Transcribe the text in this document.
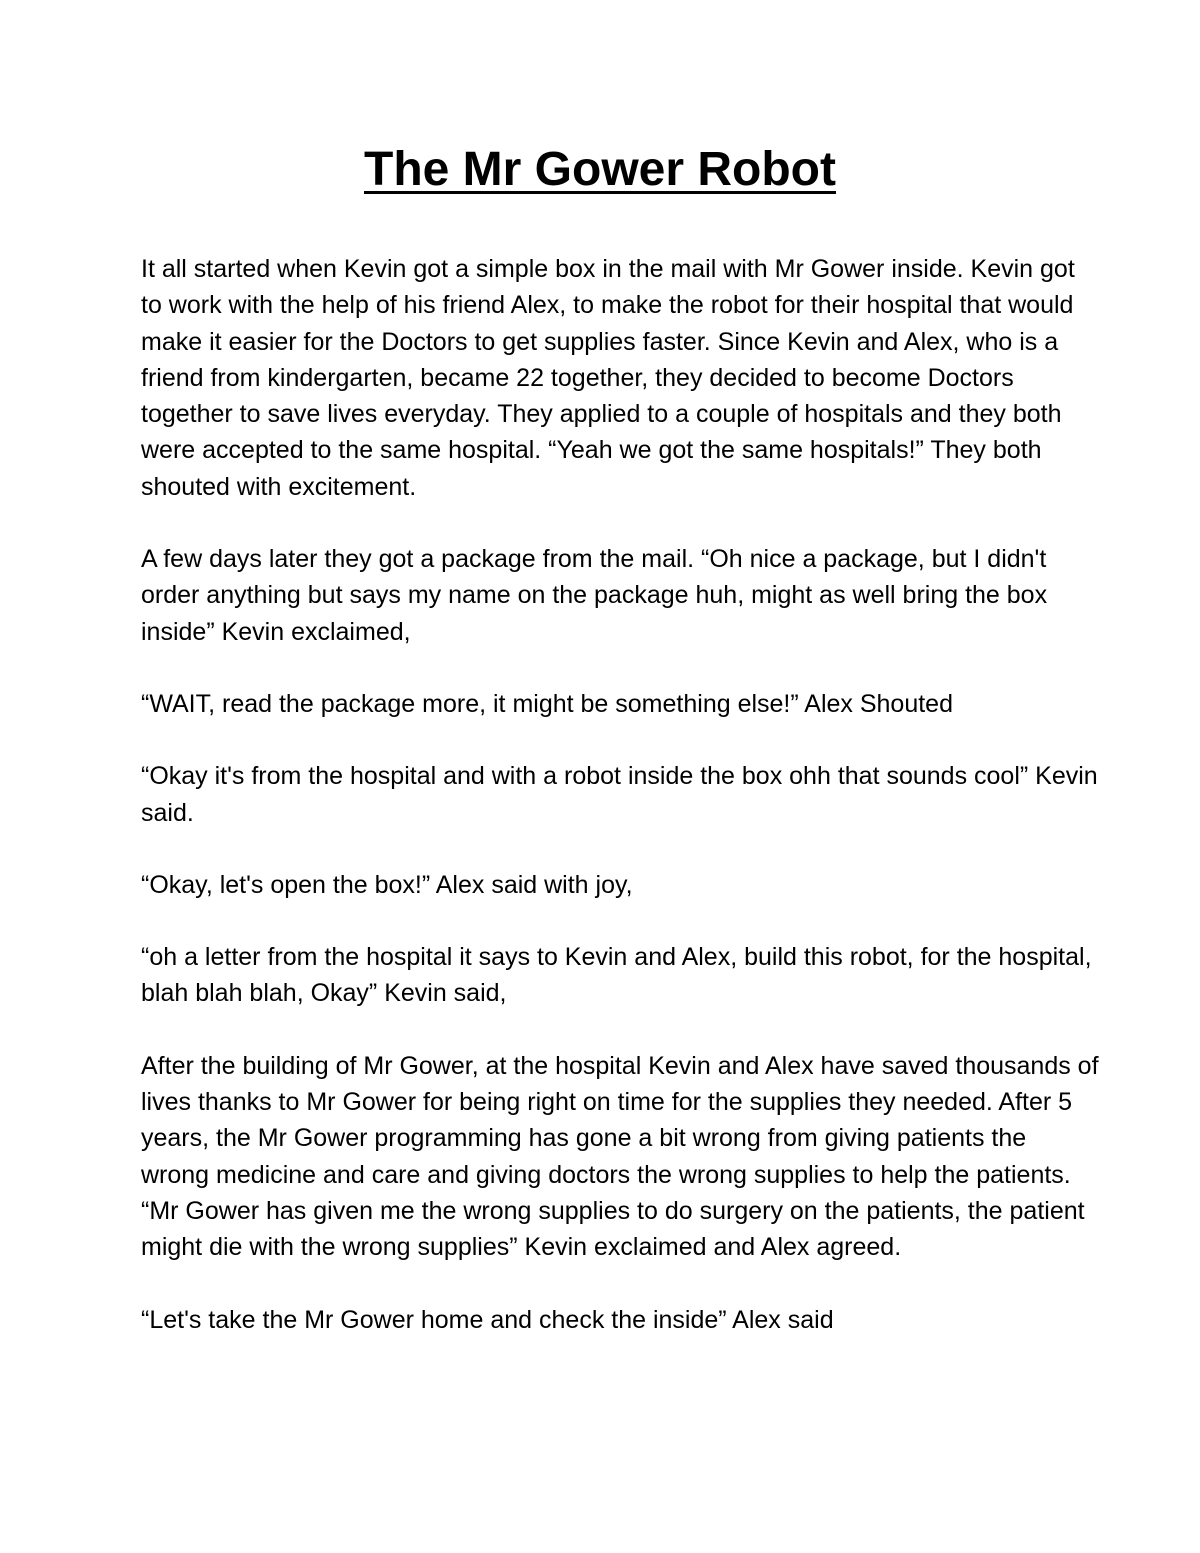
The Mr Gower Robot

It all started when Kevin got a simple box in the mail with Mr Gower inside. Kevin got to work with the help of his friend Alex, to make the robot for their hospital that would make it easier for the Doctors to get supplies faster. Since Kevin and Alex, who is a friend from kindergarten, became 22 together, they decided to become Doctors together to save lives everyday. They applied to a couple of hospitals and they both were accepted to the same hospital. “Yeah we got the same hospitals!” They both shouted with excitement.

A few days later they got a package from the mail. “Oh nice a package, but I didn't order anything but says my name on the package huh, might as well bring the box inside” Kevin exclaimed,

“WAIT, read the package more, it might be something else!” Alex Shouted

“Okay it's from the hospital and with a robot inside the box ohh that sounds cool” Kevin said.

“Okay, let's open the box!” Alex said with joy,

“oh a letter from the hospital it says to Kevin and Alex, build this robot, for the hospital, blah blah blah, Okay” Kevin said,

After the building of Mr Gower, at the hospital Kevin and Alex have saved thousands of lives thanks to Mr Gower for being right on time for the supplies they needed. After 5 years, the Mr Gower programming has gone a bit wrong from giving patients the wrong medicine and care and giving doctors the wrong supplies to help the patients. “Mr Gower has given me the wrong supplies to do surgery on the patients, the patient might die with the wrong supplies” Kevin exclaimed and Alex agreed.

“Let's take the Mr Gower home and check the inside” Alex said
